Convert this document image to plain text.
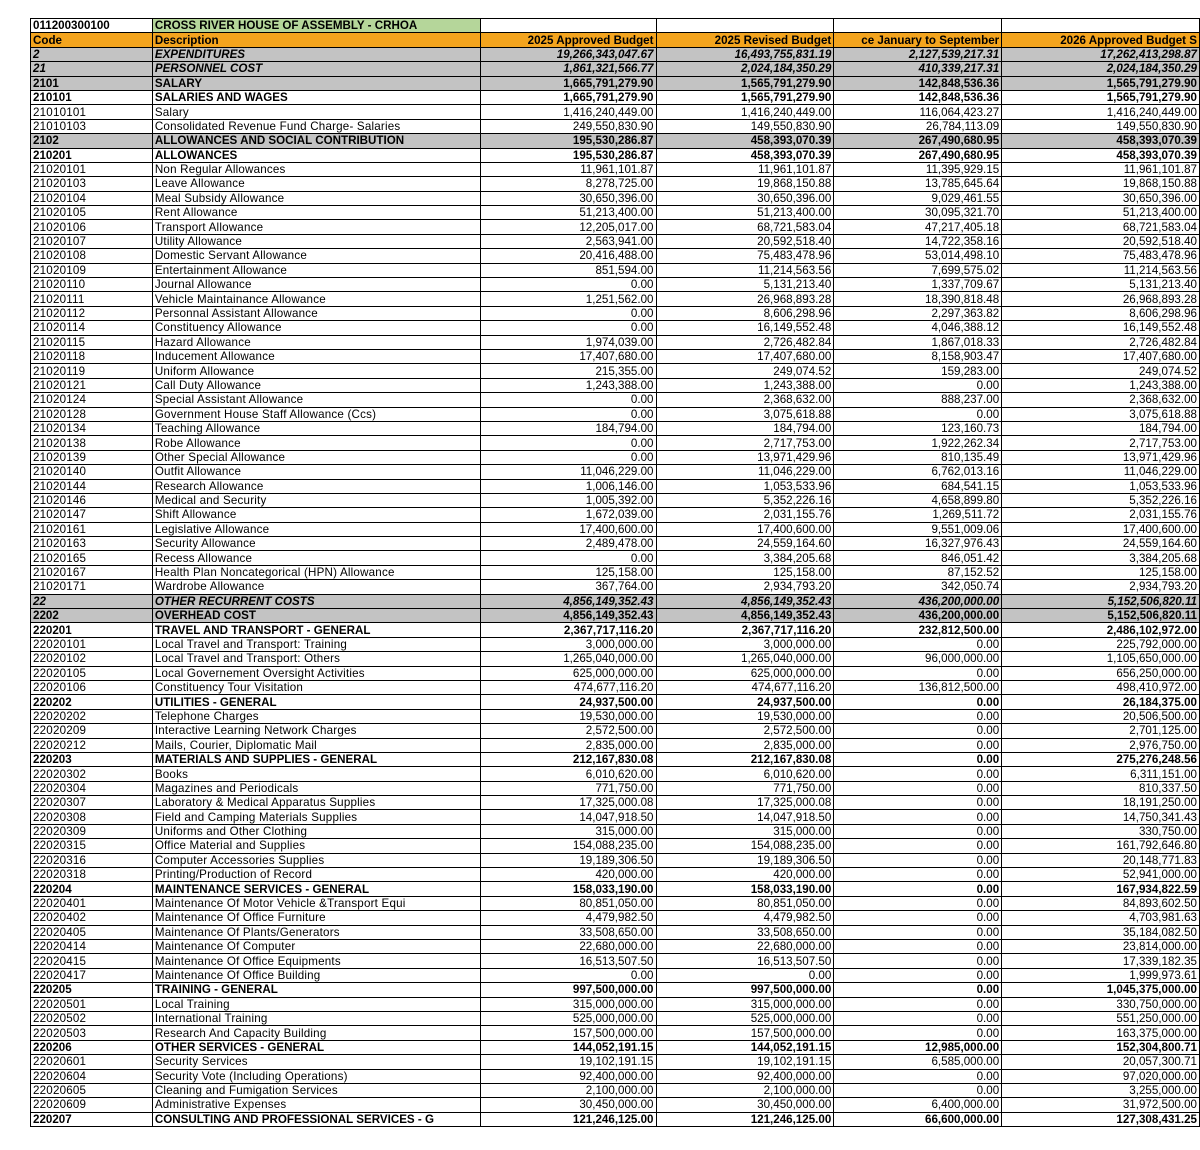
011200300100	CROSS RIVER HOUSE OF ASSEMBLY - CRHOA				
Code	Description	2025 Approved Budget	2025 Revised Budget	ce January to September	2026 Approved Budget S
2	EXPENDITURES	19,266,343,047.67	16,493,755,831.19	2,127,539,217.31	17,262,413,298.87
21	PERSONNEL COST	1,861,321,566.77	2,024,184,350.29	410,339,217.31	2,024,184,350.29
2101	SALARY	1,665,791,279.90	1,565,791,279.90	142,848,536.36	1,565,791,279.90
210101	SALARIES AND WAGES	1,665,791,279.90	1,565,791,279.90	142,848,536.36	1,565,791,279.90
21010101	Salary	1,416,240,449.00	1,416,240,449.00	116,064,423.27	1,416,240,449.00
21010103	Consolidated Revenue Fund Charge- Salaries	249,550,830.90	149,550,830.90	26,784,113.09	149,550,830.90
2102	ALLOWANCES AND SOCIAL CONTRIBUTION	195,530,286.87	458,393,070.39	267,490,680.95	458,393,070.39
210201	ALLOWANCES	195,530,286.87	458,393,070.39	267,490,680.95	458,393,070.39
21020101	Non Regular Allowances	11,961,101.87	11,961,101.87	11,395,929.15	11,961,101.87
21020103	Leave Allowance	8,278,725.00	19,868,150.88	13,785,645.64	19,868,150.88
21020104	Meal Subsidy Allowance	30,650,396.00	30,650,396.00	9,029,461.55	30,650,396.00
21020105	Rent Allowance	51,213,400.00	51,213,400.00	30,095,321.70	51,213,400.00
21020106	Transport Allowance	12,205,017.00	68,721,583.04	47,217,405.18	68,721,583.04
21020107	Utility Allowance	2,563,941.00	20,592,518.40	14,722,358.16	20,592,518.40
21020108	Domestic Servant Allowance	20,416,488.00	75,483,478.96	53,014,498.10	75,483,478.96
21020109	Entertainment Allowance	851,594.00	11,214,563.56	7,699,575.02	11,214,563.56
21020110	Journal Allowance	0.00	5,131,213.40	1,337,709.67	5,131,213.40
21020111	Vehicle Maintainance Allowance	1,251,562.00	26,968,893.28	18,390,818.48	26,968,893.28
21020112	Personnal Assistant Allowance	0.00	8,606,298.96	2,297,363.82	8,606,298.96
21020114	Constituency Allowance	0.00	16,149,552.48	4,046,388.12	16,149,552.48
21020115	Hazard Allowance	1,974,039.00	2,726,482.84	1,867,018.33	2,726,482.84
21020118	Inducement Allowance	17,407,680.00	17,407,680.00	8,158,903.47	17,407,680.00
21020119	Uniform Allowance	215,355.00	249,074.52	159,283.00	249,074.52
21020121	Call Duty Allowance	1,243,388.00	1,243,388.00	0.00	1,243,388.00
21020124	Special Assistant Allowance	0.00	2,368,632.00	888,237.00	2,368,632.00
21020128	Government House Staff Allowance (Ccs)	0.00	3,075,618.88	0.00	3,075,618.88
21020134	Teaching Allowance	184,794.00	184,794.00	123,160.73	184,794.00
21020138	Robe Allowance	0.00	2,717,753.00	1,922,262.34	2,717,753.00
21020139	Other Special Allowance	0.00	13,971,429.96	810,135.49	13,971,429.96
21020140	Outfit Allowance	11,046,229.00	11,046,229.00	6,762,013.16	11,046,229.00
21020144	Research Allowance	1,006,146.00	1,053,533.96	684,541.15	1,053,533.96
21020146	Medical and Security	1,005,392.00	5,352,226.16	4,658,899.80	5,352,226.16
21020147	Shift Allowance	1,672,039.00	2,031,155.76	1,269,511.72	2,031,155.76
21020161	Legislative Allowance	17,400,600.00	17,400,600.00	9,551,009.06	17,400,600.00
21020163	Security Allowance	2,489,478.00	24,559,164.60	16,327,976.43	24,559,164.60
21020165	Recess Allowance	0.00	3,384,205.68	846,051.42	3,384,205.68
21020167	Health Plan Noncategorical (HPN) Allowance	125,158.00	125,158.00	87,152.52	125,158.00
21020171	Wardrobe Allowance	367,764.00	2,934,793.20	342,050.74	2,934,793.20
22	OTHER RECURRENT COSTS	4,856,149,352.43	4,856,149,352.43	436,200,000.00	5,152,506,820.11
2202	OVERHEAD COST	4,856,149,352.43	4,856,149,352.43	436,200,000.00	5,152,506,820.11
220201	TRAVEL AND TRANSPORT - GENERAL	2,367,717,116.20	2,367,717,116.20	232,812,500.00	2,486,102,972.00
22020101	Local Travel and Transport: Training	3,000,000.00	3,000,000.00	0.00	225,792,000.00
22020102	Local Travel and Transport: Others	1,265,040,000.00	1,265,040,000.00	96,000,000.00	1,105,650,000.00
22020105	Local Governement Oversight Activities	625,000,000.00	625,000,000.00	0.00	656,250,000.00
22020106	Constituency Tour Visitation	474,677,116.20	474,677,116.20	136,812,500.00	498,410,972.00
220202	UTILITIES - GENERAL	24,937,500.00	24,937,500.00	0.00	26,184,375.00
22020202	Telephone Charges	19,530,000.00	19,530,000.00	0.00	20,506,500.00
22020209	Interactive Learning Network Charges	2,572,500.00	2,572,500.00	0.00	2,701,125.00
22020212	Mails, Courier, Diplomatic Mail	2,835,000.00	2,835,000.00	0.00	2,976,750.00
220203	MATERIALS AND SUPPLIES - GENERAL	212,167,830.08	212,167,830.08	0.00	275,276,248.56
22020302	Books	6,010,620.00	6,010,620.00	0.00	6,311,151.00
22020304	Magazines and Periodicals	771,750.00	771,750.00	0.00	810,337.50
22020307	Laboratory & Medical Apparatus Supplies	17,325,000.08	17,325,000.08	0.00	18,191,250.00
22020308	Field and Camping Materials Supplies	14,047,918.50	14,047,918.50	0.00	14,750,341.43
22020309	Uniforms and Other Clothing	315,000.00	315,000.00	0.00	330,750.00
22020315	Office Material and Supplies	154,088,235.00	154,088,235.00	0.00	161,792,646.80
22020316	Computer Accessories Supplies	19,189,306.50	19,189,306.50	0.00	20,148,771.83
22020318	Printing/Production of Record	420,000.00	420,000.00	0.00	52,941,000.00
220204	MAINTENANCE SERVICES - GENERAL	158,033,190.00	158,033,190.00	0.00	167,934,822.59
22020401	Maintenance Of Motor Vehicle &Transport Equi	80,851,050.00	80,851,050.00	0.00	84,893,602.50
22020402	Maintenance Of Office Furniture	4,479,982.50	4,479,982.50	0.00	4,703,981.63
22020405	Maintenance Of Plants/Generators	33,508,650.00	33,508,650.00	0.00	35,184,082.50
22020414	Maintenance Of Computer	22,680,000.00	22,680,000.00	0.00	23,814,000.00
22020415	Maintenance Of Office Equipments	16,513,507.50	16,513,507.50	0.00	17,339,182.35
22020417	Maintenance Of Office Building	0.00	0.00	0.00	1,999,973.61
220205	TRAINING - GENERAL	997,500,000.00	997,500,000.00	0.00	1,045,375,000.00
22020501	Local Training	315,000,000.00	315,000,000.00	0.00	330,750,000.00
22020502	International Training	525,000,000.00	525,000,000.00	0.00	551,250,000.00
22020503	Research And Capacity Building	157,500,000.00	157,500,000.00	0.00	163,375,000.00
220206	OTHER SERVICES - GENERAL	144,052,191.15	144,052,191.15	12,985,000.00	152,304,800.71
22020601	Security Services	19,102,191.15	19,102,191.15	6,585,000.00	20,057,300.71
22020604	Security Vote (Including Operations)	92,400,000.00	92,400,000.00	0.00	97,020,000.00
22020605	Cleaning and Fumigation Services	2,100,000.00	2,100,000.00	0.00	3,255,000.00
22020609	Administrative Expenses	30,450,000.00	30,450,000.00	6,400,000.00	31,972,500.00
220207	CONSULTING AND PROFESSIONAL SERVICES - G	121,246,125.00	121,246,125.00	66,600,000.00	127,308,431.25
